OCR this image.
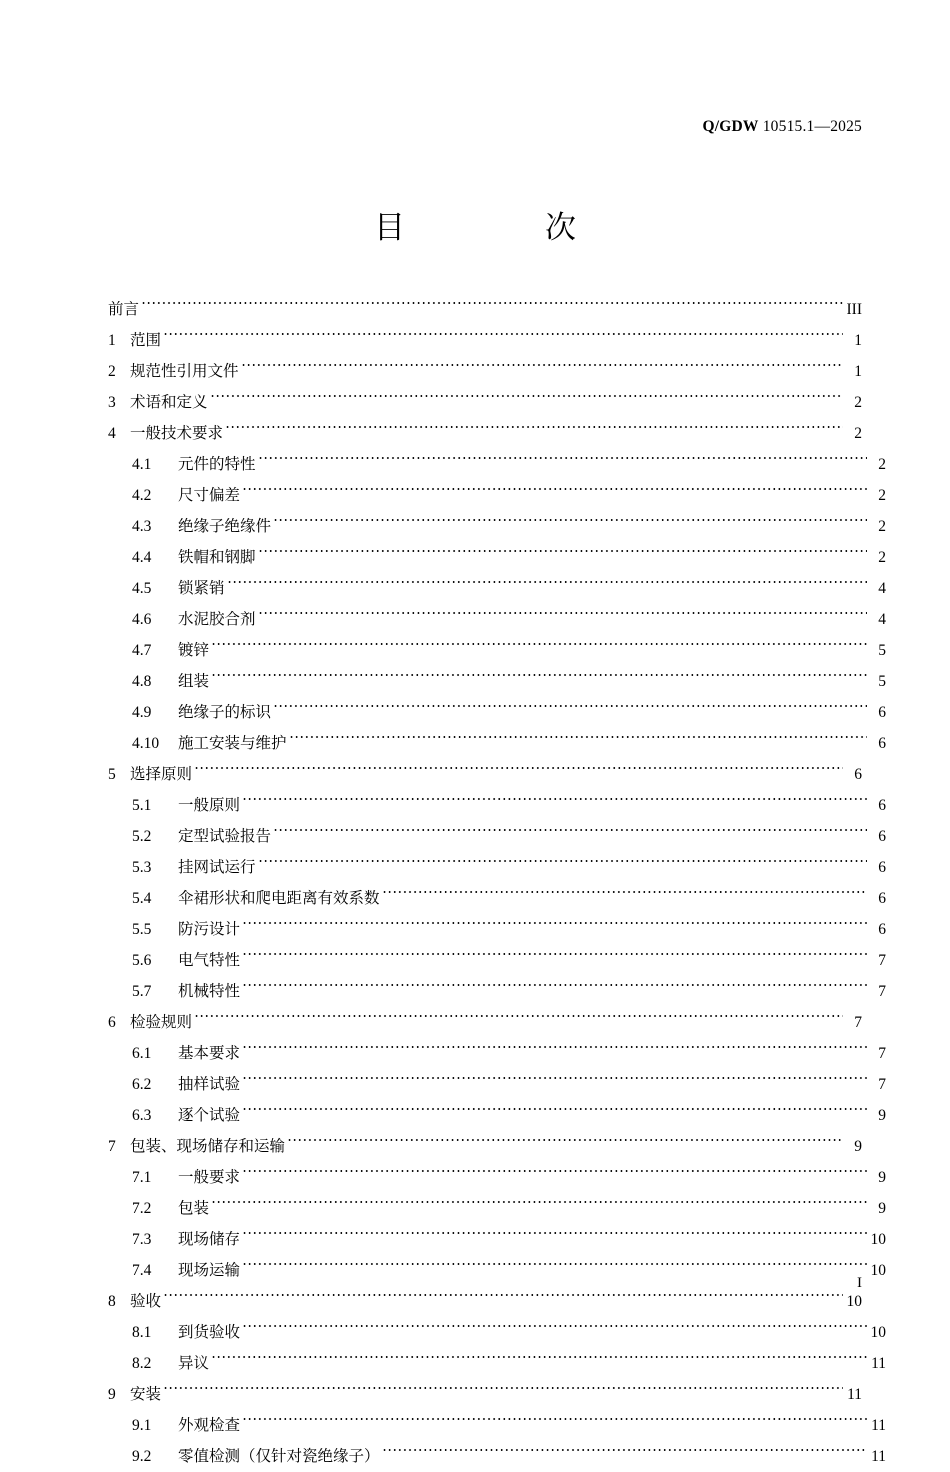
Q/GDW 10515.1—2025
目　　次
前言	III
1 范围	1
2 规范性引用文件	1
3 术语和定义	2
4 一般技术要求	2
4.1	元件的特性	2
4.2	尺寸偏差	2
4.3	绝缘子绝缘件	2
4.4	铁帽和钢脚	2
4.5	锁紧销	4
4.6	水泥胶合剂	4
4.7	镀锌	5
4.8	组装	5
4.9	绝缘子的标识	6
4.10	施工安装与维护	6
5 选择原则	6
5.1	一般原则	6
5.2	定型试验报告	6
5.3	挂网试运行	6
5.4	伞裙形状和爬电距离有效系数	6
5.5	防污设计	6
5.6	电气特性	7
5.7	机械特性	7
6 检验规则	7
6.1	基本要求	7
6.2	抽样试验	7
6.3	逐个试验	9
7 包装、现场储存和运输	9
7.1	一般要求	9
7.2	包装	9
7.3	现场储存	10
7.4	现场运输	10
8 验收	10
8.1	到货验收	10
8.2	异议	11
9 安装	11
9.1	外观检查	11
9.2	零值检测（仅针对瓷绝缘子）	11
I
